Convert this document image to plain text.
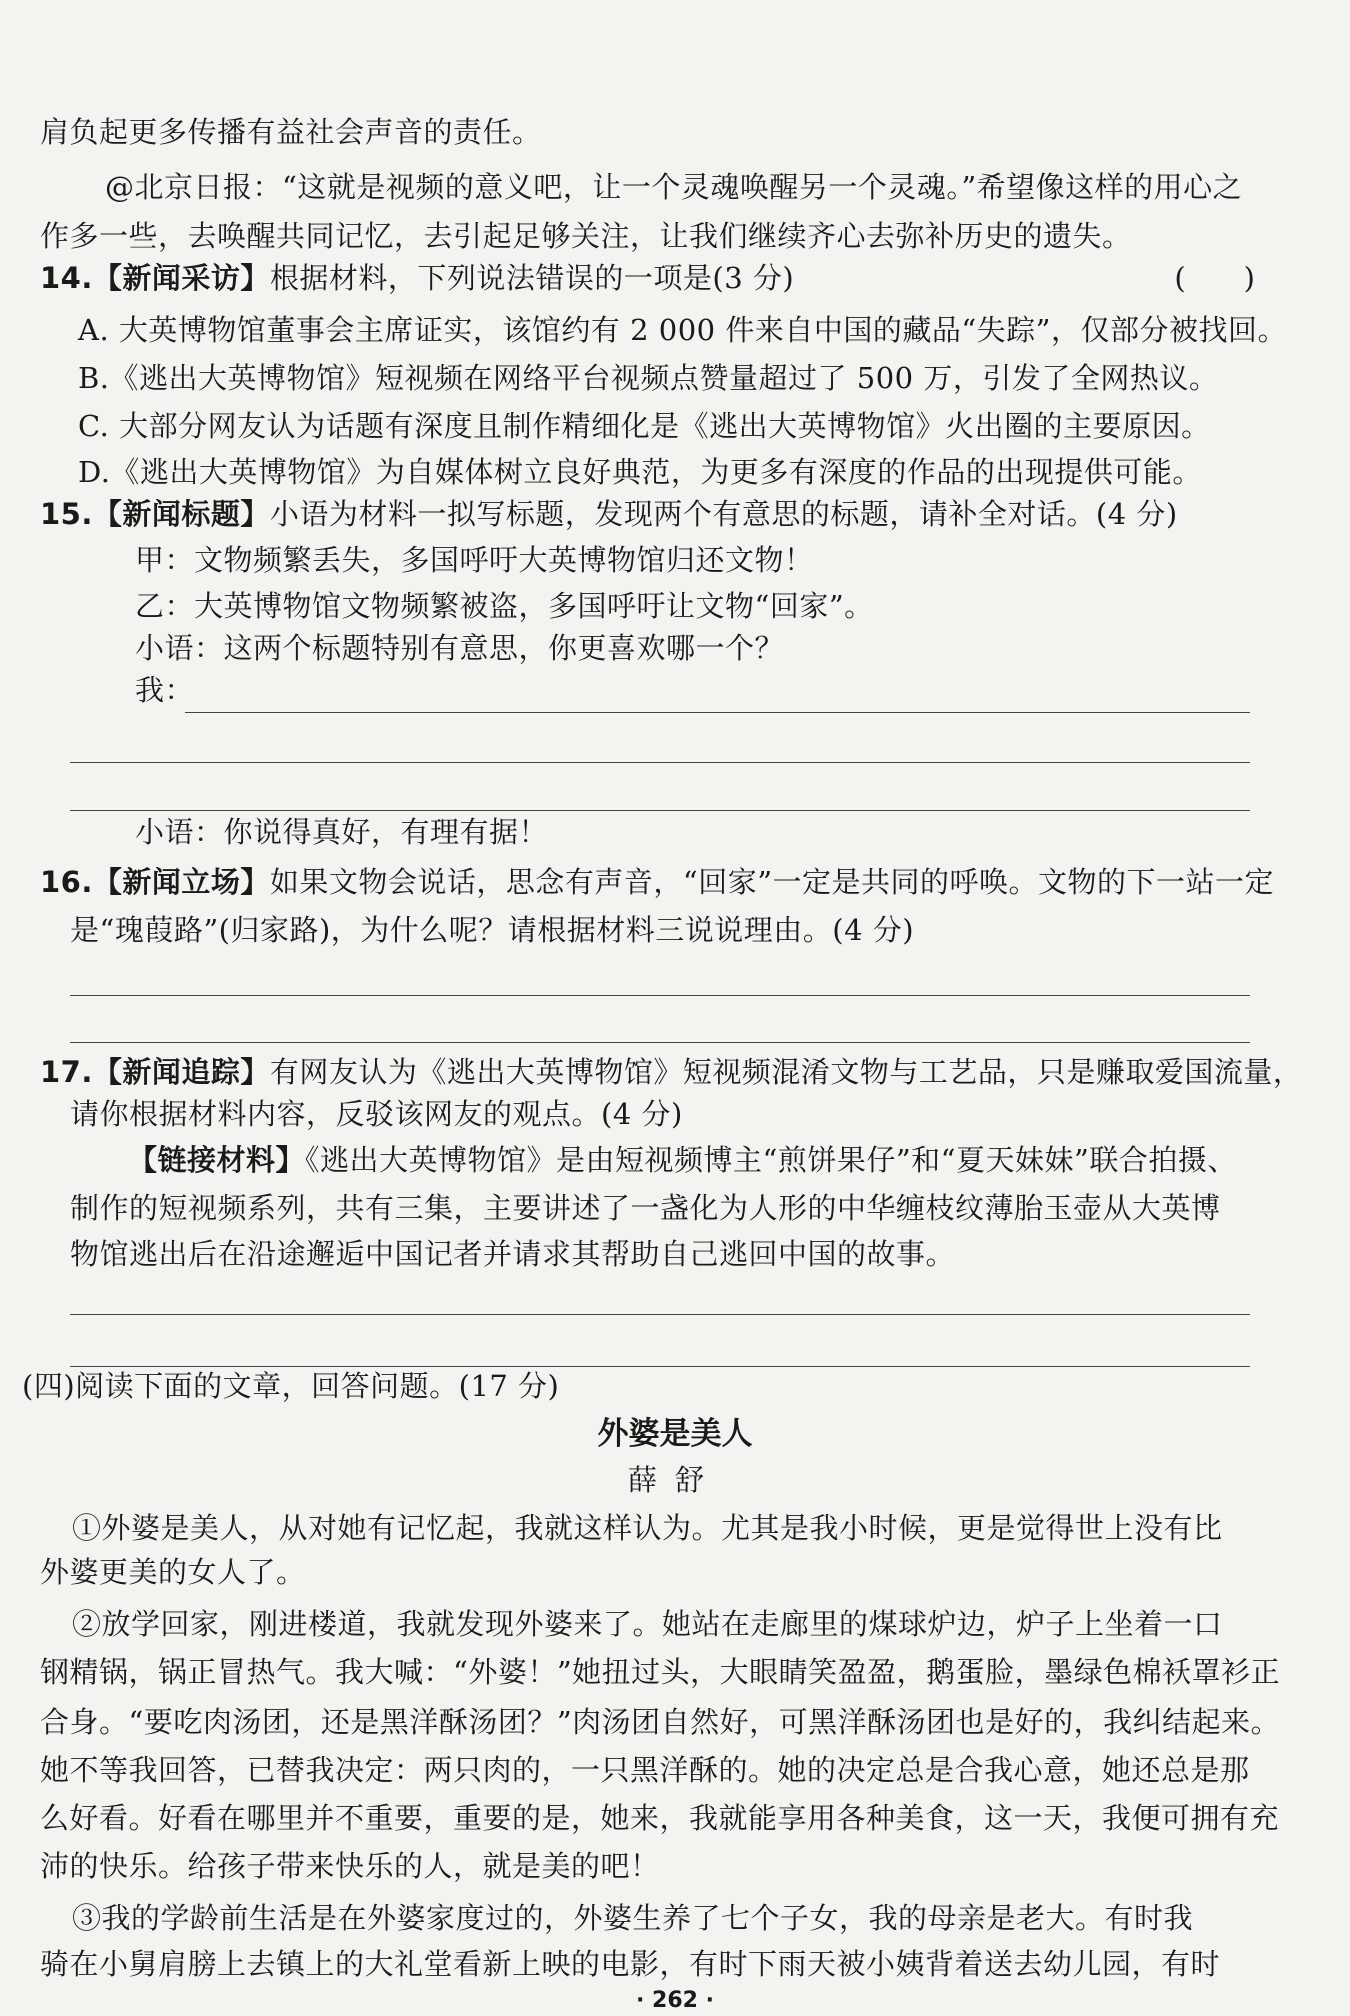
肩负起更多传播有益社会声音的责任。
@北京日报：“这就是视频的意义吧，让一个灵魂唤醒另一个灵魂。”希望像这样的用心之
作多一些，去唤醒共同记忆，去引起足够关注，让我们继续齐心去弥补历史的遗失。
14.【新闻采访】根据材料，下列说法错误的一项是(3 分)	(　　)
A. 大英博物馆董事会主席证实，该馆约有 2 000 件来自中国的藏品“失踪”，仅部分被找回。
B.《逃出大英博物馆》短视频在网络平台视频点赞量超过了 500 万，引发了全网热议。
C. 大部分网友认为话题有深度且制作精细化是《逃出大英博物馆》火出圈的主要原因。
D.《逃出大英博物馆》为自媒体树立良好典范，为更多有深度的作品的出现提供可能。
15.【新闻标题】小语为材料一拟写标题，发现两个有意思的标题，请补全对话。(4 分)
甲：文物频繁丢失，多国呼吁大英博物馆归还文物！
乙：大英博物馆文物频繁被盗，多国呼吁让文物“回家”。
小语：这两个标题特别有意思，你更喜欢哪一个？
我：
小语：你说得真好，有理有据！
16.【新闻立场】如果文物会说话，思念有声音，“回家”一定是共同的呼唤。文物的下一站一定
是“瑰葭路”(归家路)，为什么呢？请根据材料三说说理由。(4 分)
17.【新闻追踪】有网友认为《逃出大英博物馆》短视频混淆文物与工艺品，只是赚取爱国流量，
请你根据材料内容，反驳该网友的观点。(4 分)
【链接材料】《逃出大英博物馆》是由短视频博主“煎饼果仔”和“夏天妹妹”联合拍摄、
制作的短视频系列，共有三集，主要讲述了一盏化为人形的中华缠枝纹薄胎玉壶从大英博
物馆逃出后在沿途邂逅中国记者并请求其帮助自己逃回中国的故事。
(四)阅读下面的文章，回答问题。(17 分)
外婆是美人
薛舒
①外婆是美人，从对她有记忆起，我就这样认为。尤其是我小时候，更是觉得世上没有比
外婆更美的女人了。
②放学回家，刚进楼道，我就发现外婆来了。她站在走廊里的煤球炉边，炉子上坐着一口
钢精锅，锅正冒热气。我大喊：“外婆！”她扭过头，大眼睛笑盈盈，鹅蛋脸，墨绿色棉袄罩衫正
合身。“要吃肉汤团，还是黑洋酥汤团？”肉汤团自然好，可黑洋酥汤团也是好的，我纠结起来。
她不等我回答，已替我决定：两只肉的，一只黑洋酥的。她的决定总是合我心意，她还总是那
么好看。好看在哪里并不重要，重要的是，她来，我就能享用各种美食，这一天，我便可拥有充
沛的快乐。给孩子带来快乐的人，就是美的吧！
③我的学龄前生活是在外婆家度过的，外婆生养了七个子女，我的母亲是老大。有时我
骑在小舅肩膀上去镇上的大礼堂看新上映的电影，有时下雨天被小姨背着送去幼儿园，有时
· 262 ·
